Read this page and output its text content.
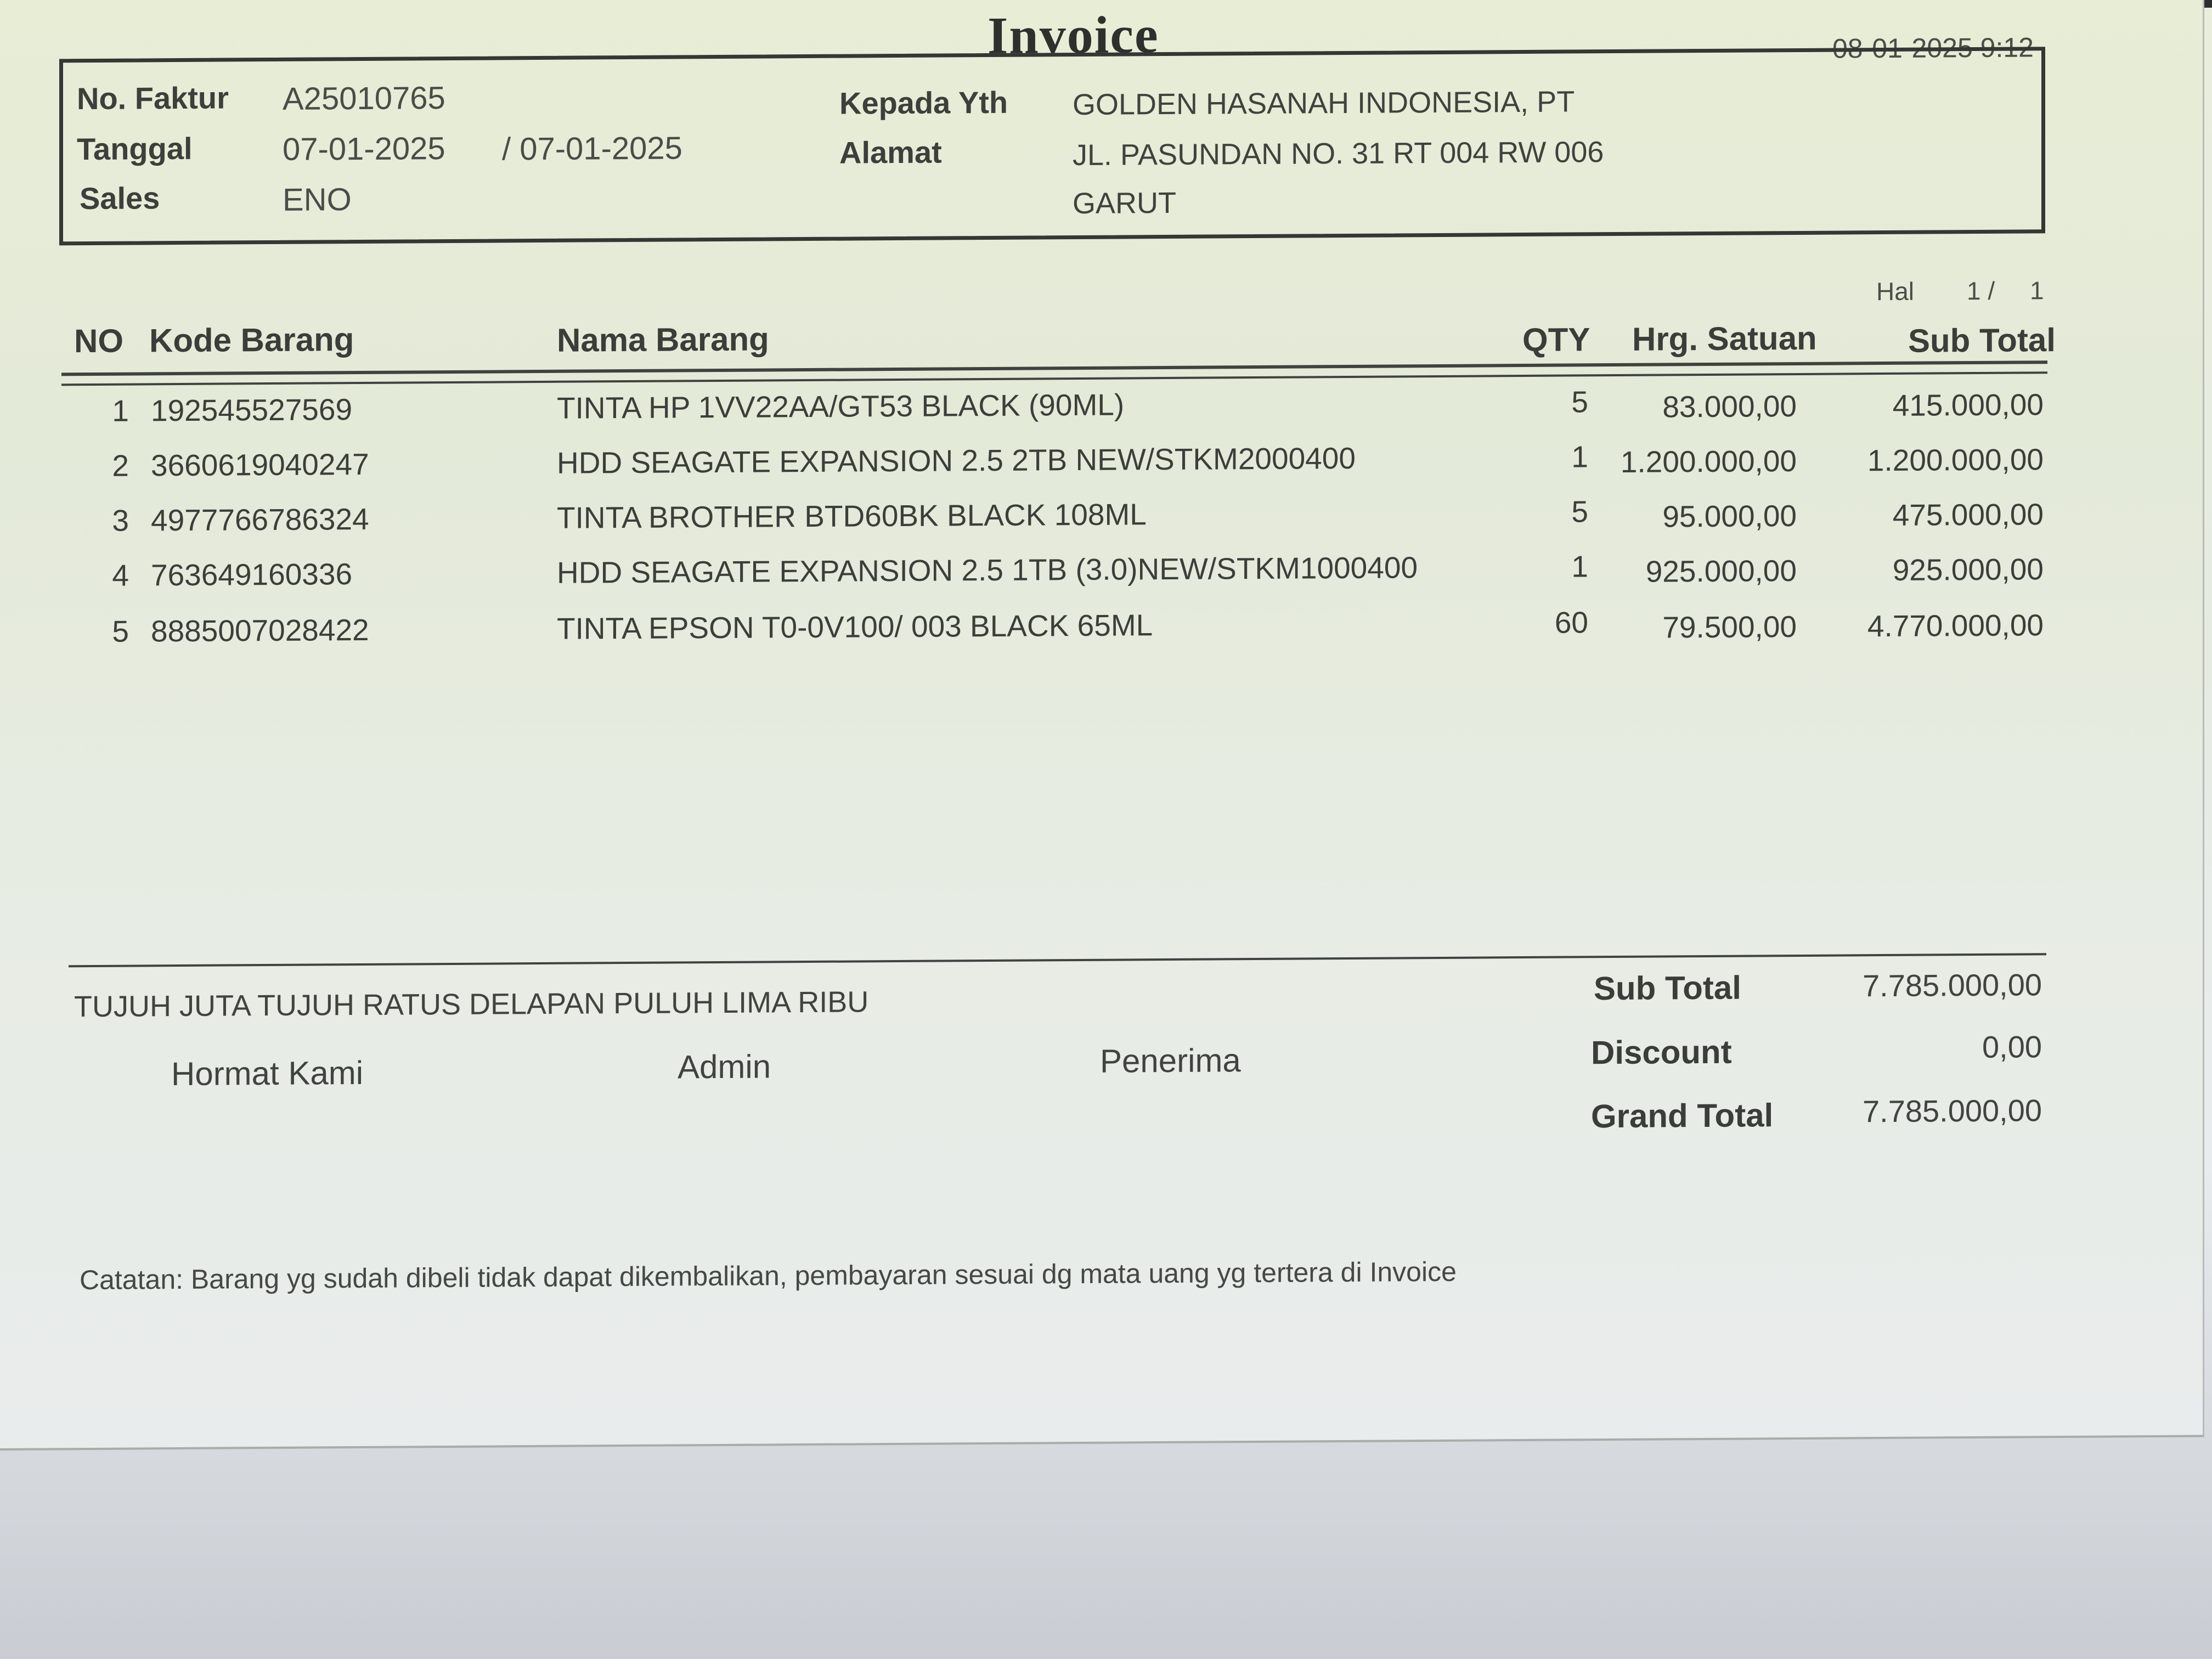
Invoice	08-01-2025 9:12
No. Faktur A25010765
Tanggal	07-01-2025 / 07-01-2025
Sales	ENO
Kepada Yth GOLDEN HASANAH INDONESIA, PT
Alamat	JL. PASUNDAN NO. 31 RT 004 RW 006
GARUT
Hal 1 / 1
NO Kode Barang	Nama Barang	QTY Hrg. Satuan	Sub Total
1 192545527569	TINTA HP 1VV22AA/GT53 BLACK (90ML)	5	83.000,00	415.000,00
2 3660619040247	HDD SEAGATE EXPANSION 2.5 2TB NEW/STKM2000400	1	1.200.000,00	1.200.000,00
3 4977766786324	TINTA BROTHER BTD60BK BLACK 108ML	5	95.000,00	475.000,00
4 763649160336	HDD SEAGATE EXPANSION 2.5 1TB (3.0)NEW/STKM1000400	1	925.000,00	925.000,00
5 8885007028422	TINTA EPSON T0-0V100/ 003 BLACK 65ML	60	79.500,00	4.770.000,00
TUJUH JUTA TUJUH RATUS DELAPAN PULUH LIMA RIBU
Hormat Kami	Admin	Penerima
Sub Total	7.785.000,00
Discount	0,00
Grand Total	7.785.000,00
Catatan: Barang yg sudah dibeli tidak dapat dikembalikan, pembayaran sesuai dg mata uang yg tertera di Invoice
